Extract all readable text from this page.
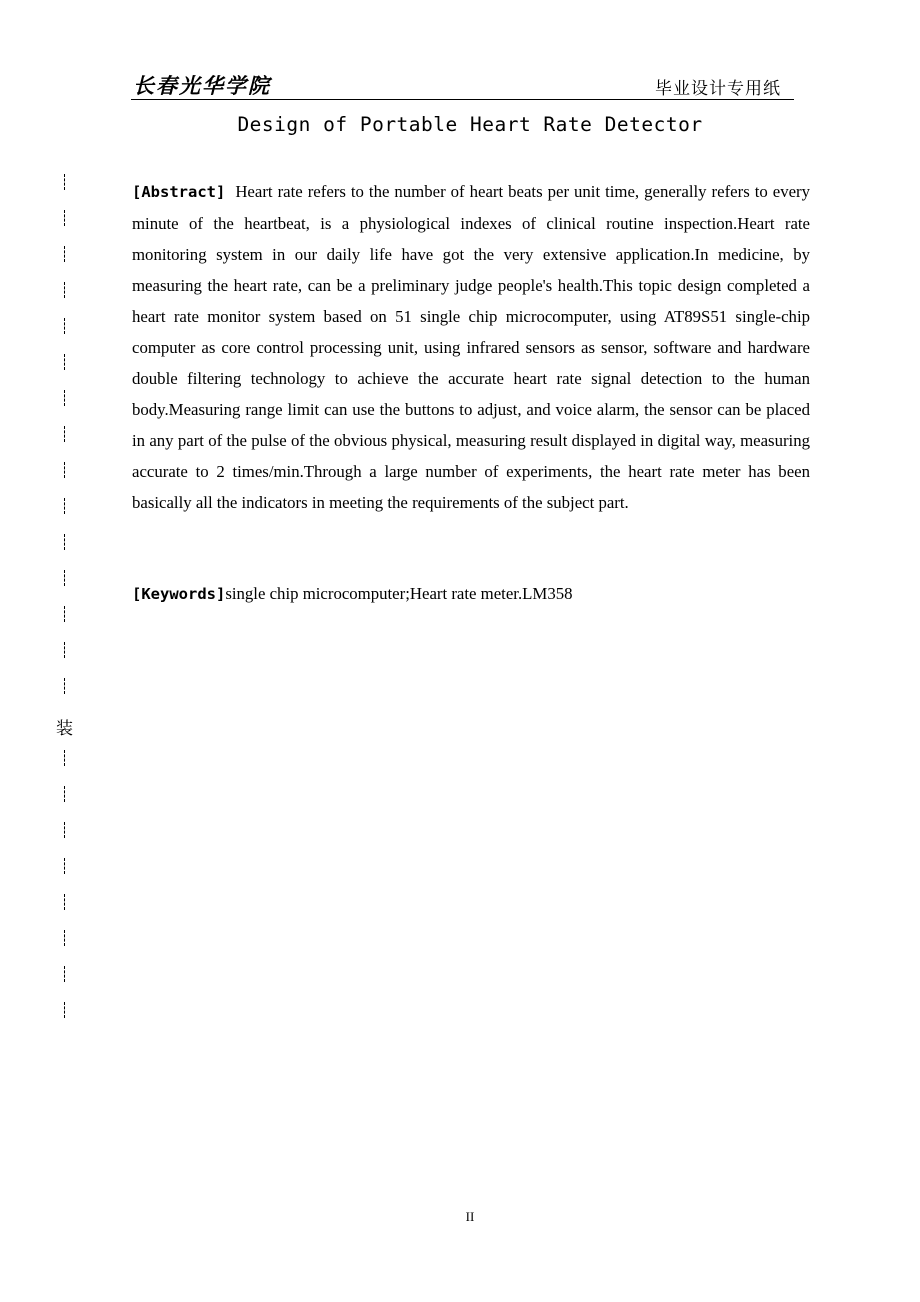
长春光华学院	毕业设计专用纸
Design of Portable Heart Rate Detector
[Abstract] Heart rate refers to the number of heart beats per unit time, generally refers to every minute of the heartbeat, is a physiological indexes of clinical routine inspection.Heart rate monitoring system in our daily life have got the very extensive application.In medicine, by measuring the heart rate, can be a preliminary judge people's health.This topic design completed a heart rate monitor system based on 51 single chip microcomputer, using AT89S51 single-chip computer as core control processing unit, using infrared sensors as sensor, software and hardware double filtering technology to achieve the accurate heart rate signal detection to the human body.Measuring range limit can use the buttons to adjust, and voice alarm, the sensor can be placed in any part of the pulse of the obvious physical, measuring result displayed in digital way, measuring accurate to 2 times/min.Through a large number of experiments, the heart rate meter has been basically all the indicators in meeting the requirements of the subject part.
[Keywords]single chip microcomputer;Heart rate meter.LM358
装
II
